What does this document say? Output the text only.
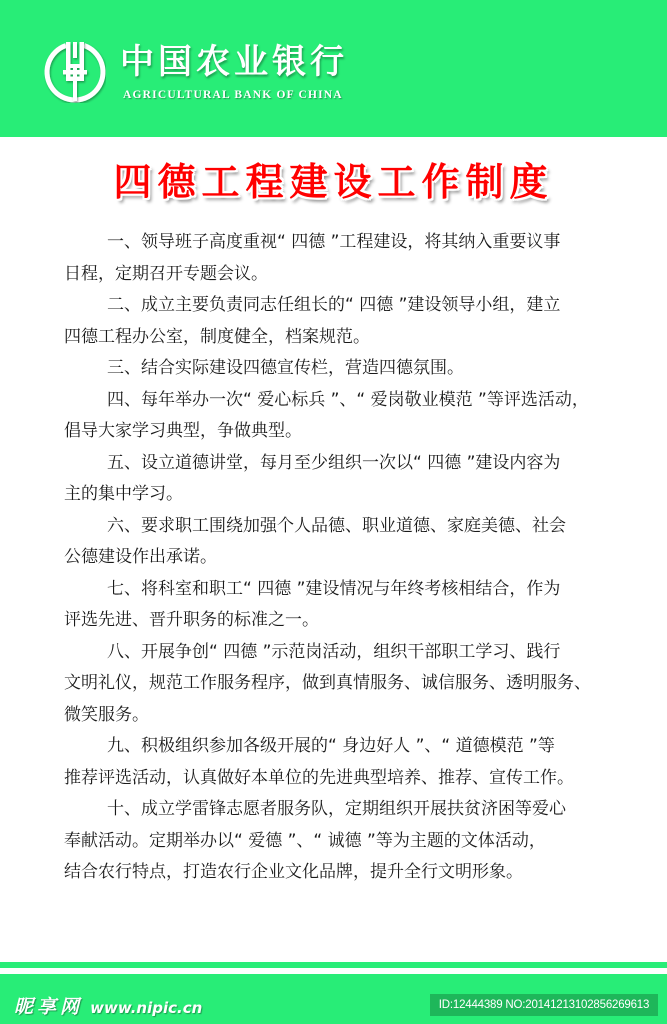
中国农业银行
AGRICULTURAL BANK OF CHINA
四德工程建设工作制度

一、领导班子高度重视“ 四德 ”工程建设，将其纳入重要议事
日程，定期召开专题会议。

二、成立主要负责同志任组长的“ 四德 ”建设领导小组，建立
四德工程办公室，制度健全，档案规范。

三、结合实际建设四德宣传栏，营造四德氛围。

四、每年举办一次“ 爱心标兵 ”、“ 爱岗敬业模范 ”等评选活动，
倡导大家学习典型，争做典型。

五、设立道德讲堂，每月至少组织一次以“ 四德 ”建设内容为
主的集中学习。

六、要求职工围绕加强个人品德、职业道德、家庭美德、社会
公德建设作出承诺。

七、将科室和职工“ 四德 ”建设情况与年终考核相结合，作为
评选先进、晋升职务的标准之一。

八、开展争创“ 四德 ”示范岗活动，组织干部职工学习、践行
文明礼仪，规范工作服务程序，做到真情服务、诚信服务、透明服务、
微笑服务。

九、积极组织参加各级开展的“ 身边好人 ”、“ 道德模范 ”等
推荐评选活动，认真做好本单位的先进典型培养、推荐、宣传工作。

十、成立学雷锋志愿者服务队，定期组织开展扶贫济困等爱心
奉献活动。定期举办以“ 爱德 ”、“ 诚德 ”等为主题的文体活动，
结合农行特点，打造农行企业文化品牌，提升全行文明形象。

昵享网 www.nipic.cn	ID:12444389 NO:20141213102856269613
